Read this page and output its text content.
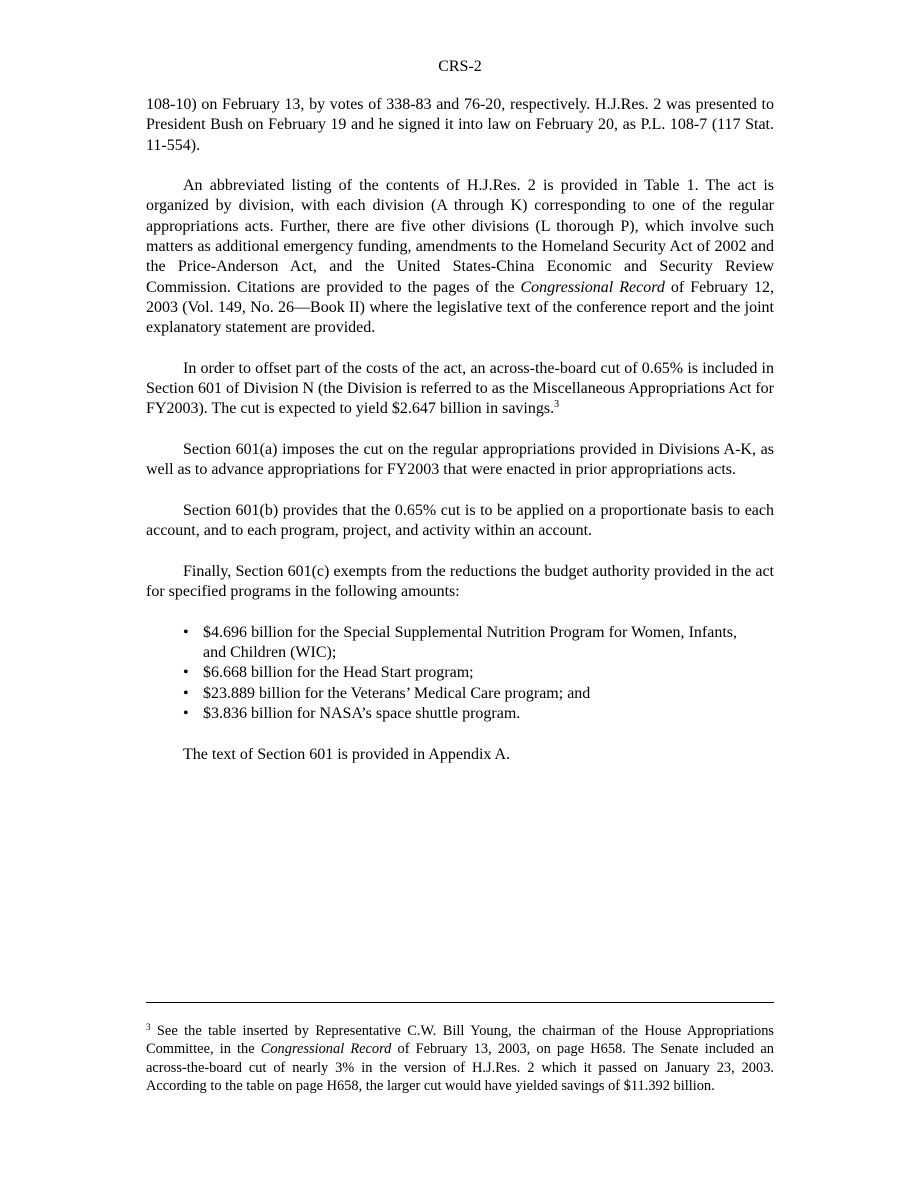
CRS-2

108-10) on February 13, by votes of 338-83 and 76-20, respectively. H.J.Res. 2 was presented to President Bush on February 19 and he signed it into law on February 20, as P.L. 108-7 (117 Stat. 11-554).

An abbreviated listing of the contents of H.J.Res. 2 is provided in Table 1. The act is organized by division, with each division (A through K) corresponding to one of the regular appropriations acts. Further, there are five other divisions (L thorough P), which involve such matters as additional emergency funding, amendments to the Homeland Security Act of 2002 and the Price-Anderson Act, and the United States-China Economic and Security Review Commission. Citations are provided to the pages of the Congressional Record of February 12, 2003 (Vol. 149, No. 26—Book II) where the legislative text of the conference report and the joint explanatory statement are provided.

In order to offset part of the costs of the act, an across-the-board cut of 0.65% is included in Section 601 of Division N (the Division is referred to as the Miscellaneous Appropriations Act for FY2003). The cut is expected to yield $2.647 billion in savings.$^3$

Section 601(a) imposes the cut on the regular appropriations provided in Divisions A-K, as well as to advance appropriations for FY2003 that were enacted in prior appropriations acts.

Section 601(b) provides that the 0.65% cut is to be applied on a proportionate basis to each account, and to each program, project, and activity within an account.

Finally, Section 601(c) exempts from the reductions the budget authority provided in the act for specified programs in the following amounts:

• $4.696 billion for the Special Supplemental Nutrition Program for Women, Infants, and Children (WIC);
• $6.668 billion for the Head Start program;
• $23.889 billion for the Veterans’ Medical Care program; and
• $3.836 billion for NASA’s space shuttle program.

The text of Section 601 is provided in Appendix A.

$^3$ See the table inserted by Representative C.W. Bill Young, the chairman of the House Appropriations Committee, in the Congressional Record of February 13, 2003, on page H658. The Senate included an across-the-board cut of nearly 3% in the version of H.J.Res. 2 which it passed on January 23, 2003. According to the table on page H658, the larger cut would have yielded savings of $11.392 billion.
